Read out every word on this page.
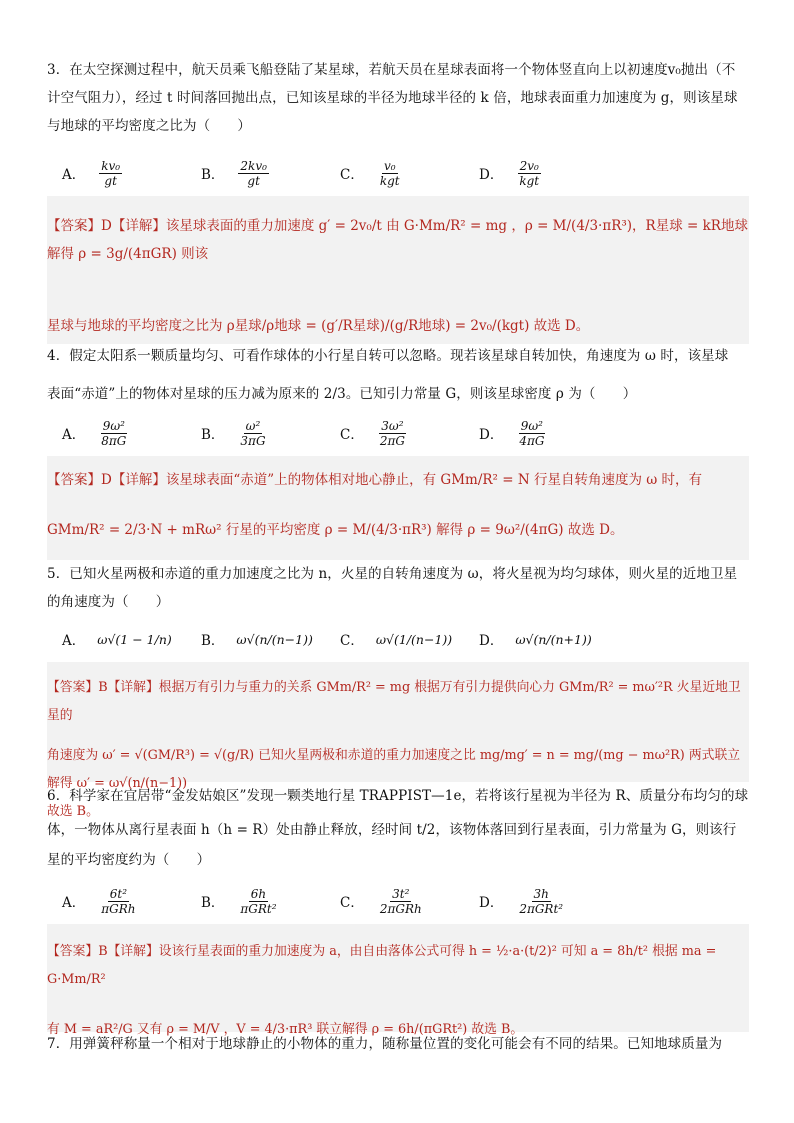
3．在太空探测过程中，航天员乘飞船登陆了某星球，若航天员在星球表面将一个物体竖直向上以初速度v₀抛出（不
计空气阻力），经过 t 时间落回抛出点，已知该星球的半径为地球半径的 k 倍，地球表面重力加速度为 g，则该星球
与地球的平均密度之比为（　　）
A． $\frac{\text{kv₀}}{gt}$	B． $\frac{\text{2kv₀}}{gt}$	C． $\frac{\text{v₀}}{\text{kgt}}$	D． $\frac{\text{2v₀}}{\text{kgt}}$
【答案】D【详解】该星球表面的重力加速度 g′ = 2v₀/t 由 G·Mm/R² = mg ，ρ = M/(4/3·πR³)，R星球 = kR地球 解得 ρ = 3g/(4πGR) 则该
星球与地球的平均密度之比为 ρ星球/ρ地球 = (g′/R星球)/(g/R地球) = 2v₀/(kgt) 故选 D。
4．假定太阳系一颗质量均匀、可看作球体的小行星自转可以忽略。现若该星球自转加快，角速度为 ω 时，该星球
表面“赤道”上的物体对星球的压力减为原来的 2/3。已知引力常量 G，则该星球密度 ρ 为（　　）
A． $\frac{\text{9ω²}}{8\pi G}$	B． $\frac{\text{ω²}}{3\pi G}$	C． $\frac{\text{3ω²}}{2\pi G}$	D． $\frac{\text{9ω²}}{4\pi G}$
【答案】D【详解】该星球表面“赤道”上的物体相对地心静止，有 GMm/R² = N 行星自转角速度为 ω 时，有
GMm/R² = 2/3·N + mRω² 行星的平均密度 ρ = M/(4/3·πR³) 解得 ρ = 9ω²/(4πG) 故选 D。
5．已知火星两极和赤道的重力加速度之比为 n，火星的自转角速度为 ω，将火星视为均匀球体，则火星的近地卫星
的角速度为（　　）
A． ω√(1 − 1/n) B． ω√(n/(n−1)) C． ω√(1/(n−1)) D． ω√(n/(n+1))
【答案】B【详解】根据万有引力与重力的关系 GMm/R² = mg 根据万有引力提供向心力 GMm/R² = mω′²R 火星近地卫星的
角速度为 ω′ = √(GM/R³) = √(g/R) 已知火星两极和赤道的重力加速度之比 mg/mg′ = n = mg/(mg − mω²R) 两式联立解得 ω′ = ω√(n/(n−1))
故选 B。
6．科学家在宜居带“金发姑娘区”发现一颗类地行星 TRAPPIST—1e，若将该行星视为半径为 R、质量分布均匀的球
体，一物体从离行星表面 h（h = R）处由静止释放，经时间 t/2，该物体落回到行星表面，引力常量为 G，则该行
星的平均密度约为（　　）
A． $\frac{\text{6t²}}{\text{πGRh}}$	B． $\frac{6h}{\text{πGRt²}}$	C． $\frac{\text{3t²}}{\text{2πGRh}}$	D． $\frac{3h}{\text{2πGRt²}}$
【答案】B【详解】设该行星表面的重力加速度为 a，由自由落体公式可得 h = ½·a·(t/2)² 可知 a = 8h/t² 根据 ma = G·Mm/R²
有 M = aR²/G 又有 ρ = M/V ，V = 4/3·πR³ 联立解得 ρ = 6h/(πGRt²) 故选 B。
7．用弹簧秤称量一个相对于地球静止的小物体的重力，随称量位置的变化可能会有不同的结果。已知地球质量为
